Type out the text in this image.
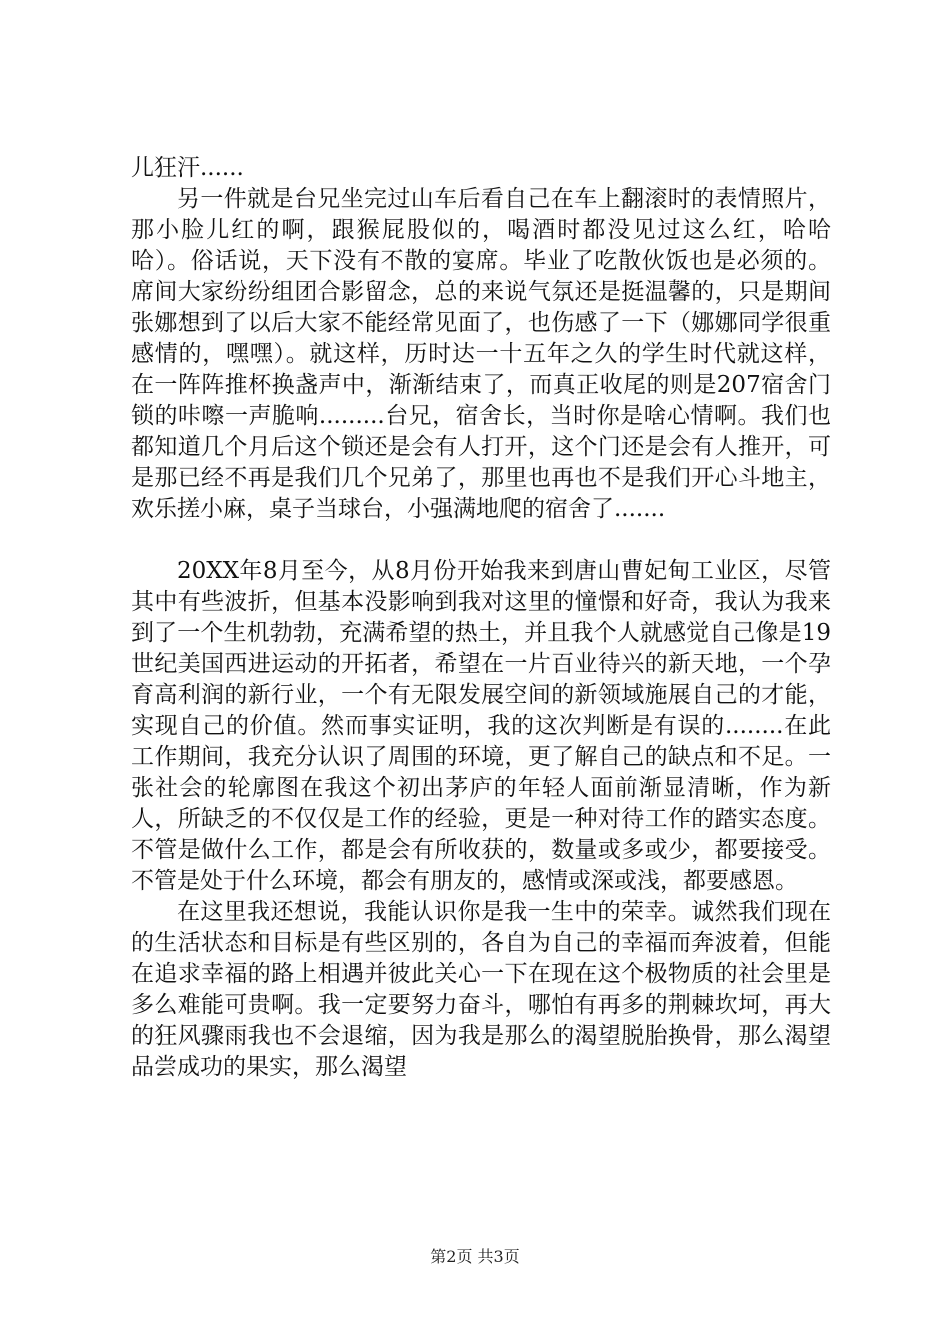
儿狂汗......

另一件就是台兄坐完过山车后看自己在车上翻滚时的表情照片，那小脸儿红的啊，跟猴屁股似的，喝酒时都没见过这么红，哈哈哈）。俗话说，天下没有不散的宴席。毕业了吃散伙饭也是必须的。席间大家纷纷组团合影留念，总的来说气氛还是挺温馨的，只是期间张娜想到了以后大家不能经常见面了，也伤感了一下（娜娜同学很重感情的，嘿嘿）。就这样，历时达一十五年之久的学生时代就这样，在一阵阵推杯换盏声中，渐渐结束了，而真正收尾的则是207宿舍门锁的咔嚓一声脆响.........台兄，宿舍长，当时你是啥心情啊。我们也都知道几个月后这个锁还是会有人打开，这个门还是会有人推开，可是那已经不再是我们几个兄弟了，那里也再也不是我们开心斗地主，欢乐搓小麻，桌子当球台，小强满地爬的宿舍了.......

20XX年8月至今，从8月份开始我来到唐山曹妃甸工业区，尽管其中有些波折，但基本没影响到我对这里的憧憬和好奇，我认为我来到了一个生机勃勃，充满希望的热土，并且我个人就感觉自己像是19世纪美国西进运动的开拓者，希望在一片百业待兴的新天地，一个孕育高利润的新行业，一个有无限发展空间的新领域施展自己的才能，实现自己的价值。然而事实证明，我的这次判断是有误的........在此工作期间，我充分认识了周围的环境，更了解自己的缺点和不足。一张社会的轮廓图在我这个初出茅庐的年轻人面前渐显清晰，作为新人，所缺乏的不仅仅是工作的经验，更是一种对待工作的踏实态度。不管是做什么工作，都是会有所收获的，数量或多或少，都要接受。不管是处于什么环境，都会有朋友的，感情或深或浅，都要感恩。

在这里我还想说，我能认识你是我一生中的荣幸。诚然我们现在的生活状态和目标是有些区别的，各自为自己的幸福而奔波着，但能在追求幸福的路上相遇并彼此关心一下在现在这个极物质的社会里是多么难能可贵啊。我一定要努力奋斗，哪怕有再多的荆棘坎坷，再大的狂风骤雨我也不会退缩，因为我是那么的渴望脱胎换骨，那么渴望品尝成功的果实，那么渴望

第2页 共3页
